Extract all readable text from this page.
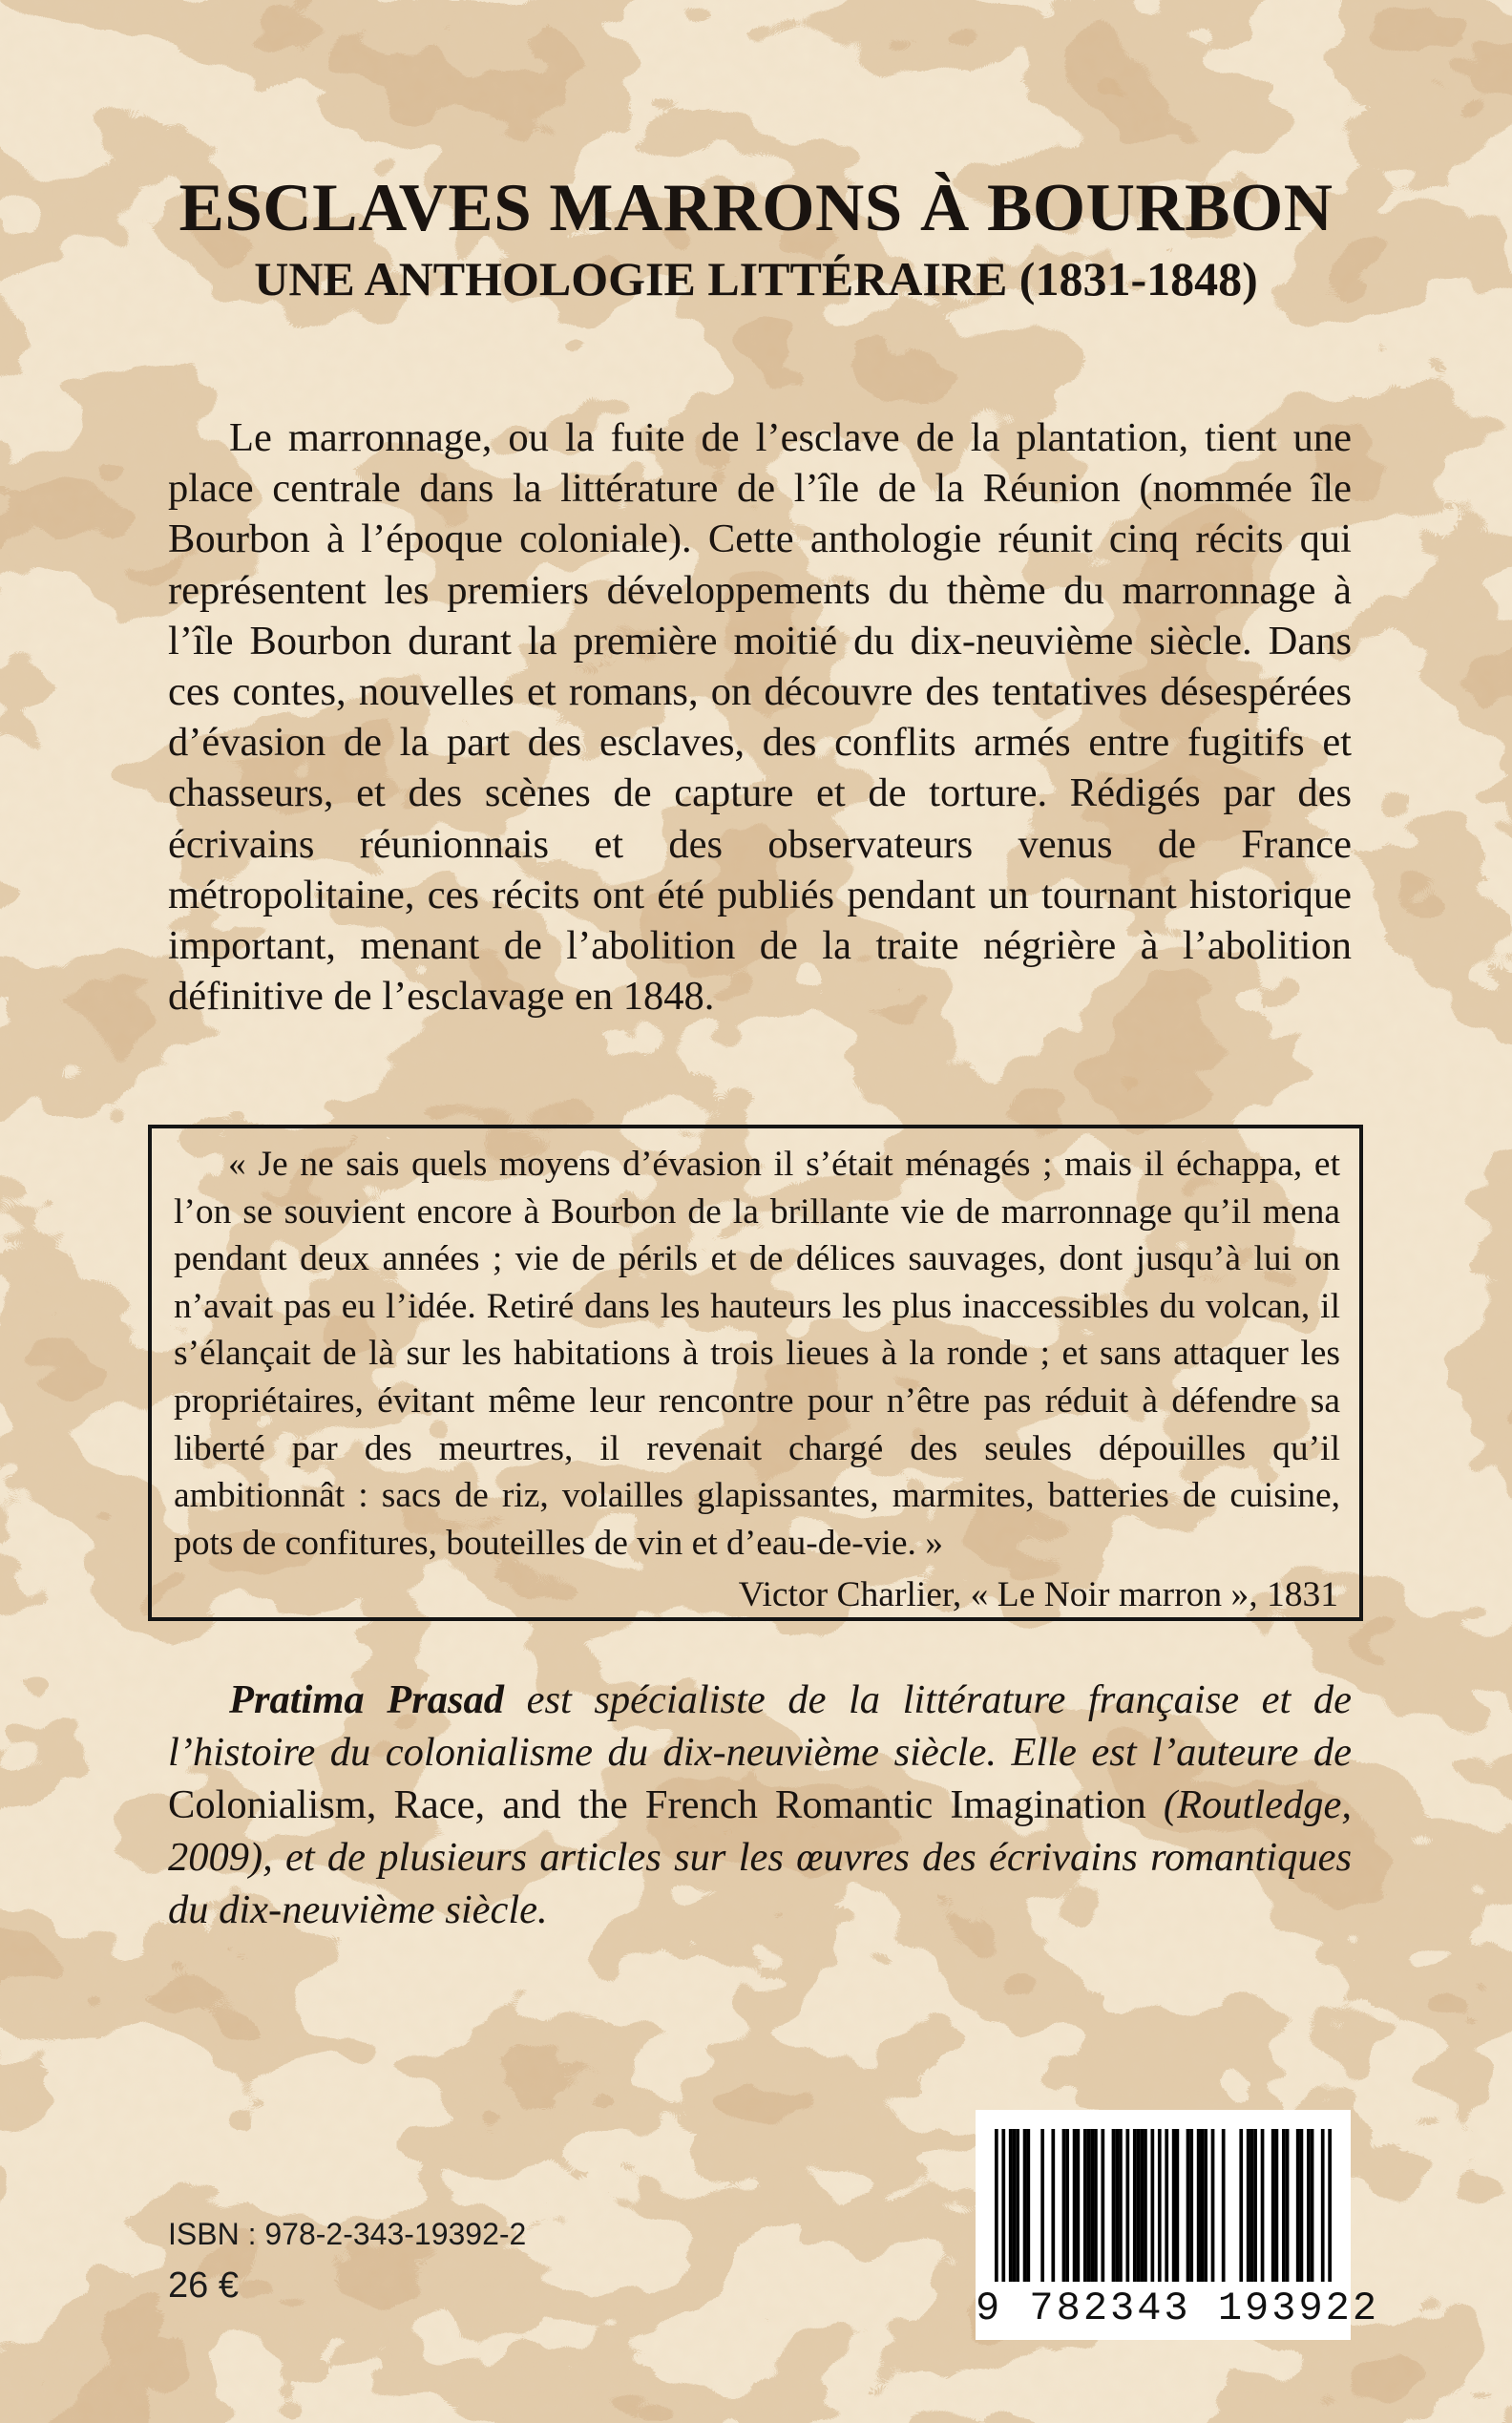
ESCLAVES MARRONS À BOURBON
UNE ANTHOLOGIE LITTÉRAIRE (1831-1848)

Le marronnage, ou la fuite de l’esclave de la plantation, tient une place centrale dans la littérature de l’île de la Réunion (nommée île Bourbon à l’époque coloniale). Cette anthologie réunit cinq récits qui représentent les premiers développements du thème du marronnage à l’île Bourbon durant la première moitié du dix-neuvième siècle. Dans ces contes, nouvelles et romans, on découvre des tentatives désespérées d’évasion de la part des esclaves, des conflits armés entre fugitifs et chasseurs, et des scènes de capture et de torture. Rédigés par des écrivains réunionnais et des observateurs venus de France métropolitaine, ces récits ont été publiés pendant un tournant historique important, menant de l’abolition de la traite négrière à l’abolition définitive de l’esclavage en 1848.

« Je ne sais quels moyens d’évasion il s’était ménagés ; mais il échappa, et l’on se souvient encore à Bourbon de la brillante vie de marronnage qu’il mena pendant deux années ; vie de périls et de délices sauvages, dont jusqu’à lui on n’avait pas eu l’idée. Retiré dans les hauteurs les plus inaccessibles du volcan, il s’élançait de là sur les habitations à trois lieues à la ronde ; et sans attaquer les propriétaires, évitant même leur rencontre pour n’être pas réduit à défendre sa liberté par des meurtres, il revenait chargé des seules dépouilles qu’il ambitionnât : sacs de riz, volailles glapissantes, marmites, batteries de cuisine, pots de confitures, bouteilles de vin et d’eau-de-vie. »

Victor Charlier, « Le Noir marron », 1831

Pratima Prasad est spécialiste de la littérature française et de l’histoire du colonialisme du dix-neuvième siècle. Elle est l’auteure de Colonialism, Race, and the French Romantic Imagination (Routledge, 2009), et de plusieurs articles sur les œuvres des écrivains romantiques du dix-neuvième siècle.

ISBN : 978-2-343-19392-2
26 €	9 782343 193922
